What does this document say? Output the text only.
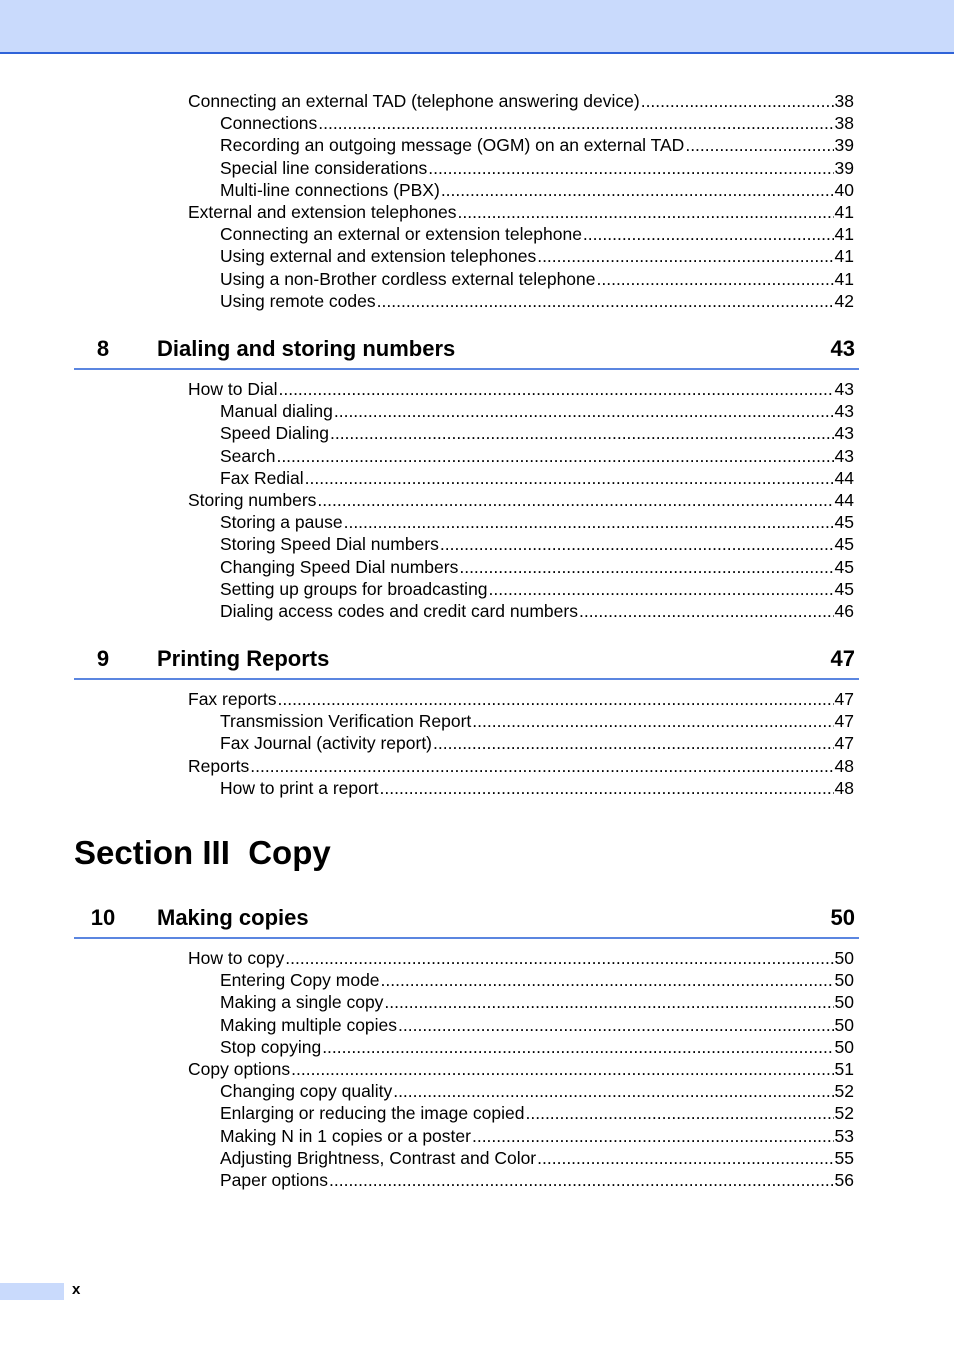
Connecting an external TAD (telephone answering device) .....	38
Connections .....	38
Recording an outgoing message (OGM) on an external TAD .....	39
Special line considerations .....	39
Multi-line connections (PBX) .....	40
External and extension telephones .....	41
Connecting an external or extension telephone .....	41
Using external and extension telephones .....	41
Using a non-Brother cordless external telephone .....	41
Using remote codes .....	42
8	Dialing and storing numbers	43
How to Dial .....	43
Manual dialing .....	43
Speed Dialing .....	43
Search .....	43
Fax Redial .....	44
Storing numbers .....	44
Storing a pause .....	45
Storing Speed Dial numbers .....	45
Changing Speed Dial numbers .....	45
Setting up groups for broadcasting .....	45
Dialing access codes and credit card numbers .....	46
9	Printing Reports	47
Fax reports .....	47
Transmission Verification Report .....	47
Fax Journal (activity report) .....	47
Reports .....	48
How to print a report .....	48
Section III  Copy
10	Making copies	50
How to copy .....	50
Entering Copy mode .....	50
Making a single copy .....	50
Making multiple copies .....	50
Stop copying .....	50
Copy options .....	51
Changing copy quality .....	52
Enlarging or reducing the image copied .....	52
Making N in 1 copies or a poster .....	53
Adjusting Brightness, Contrast and Color .....	55
Paper options .....	56
x
